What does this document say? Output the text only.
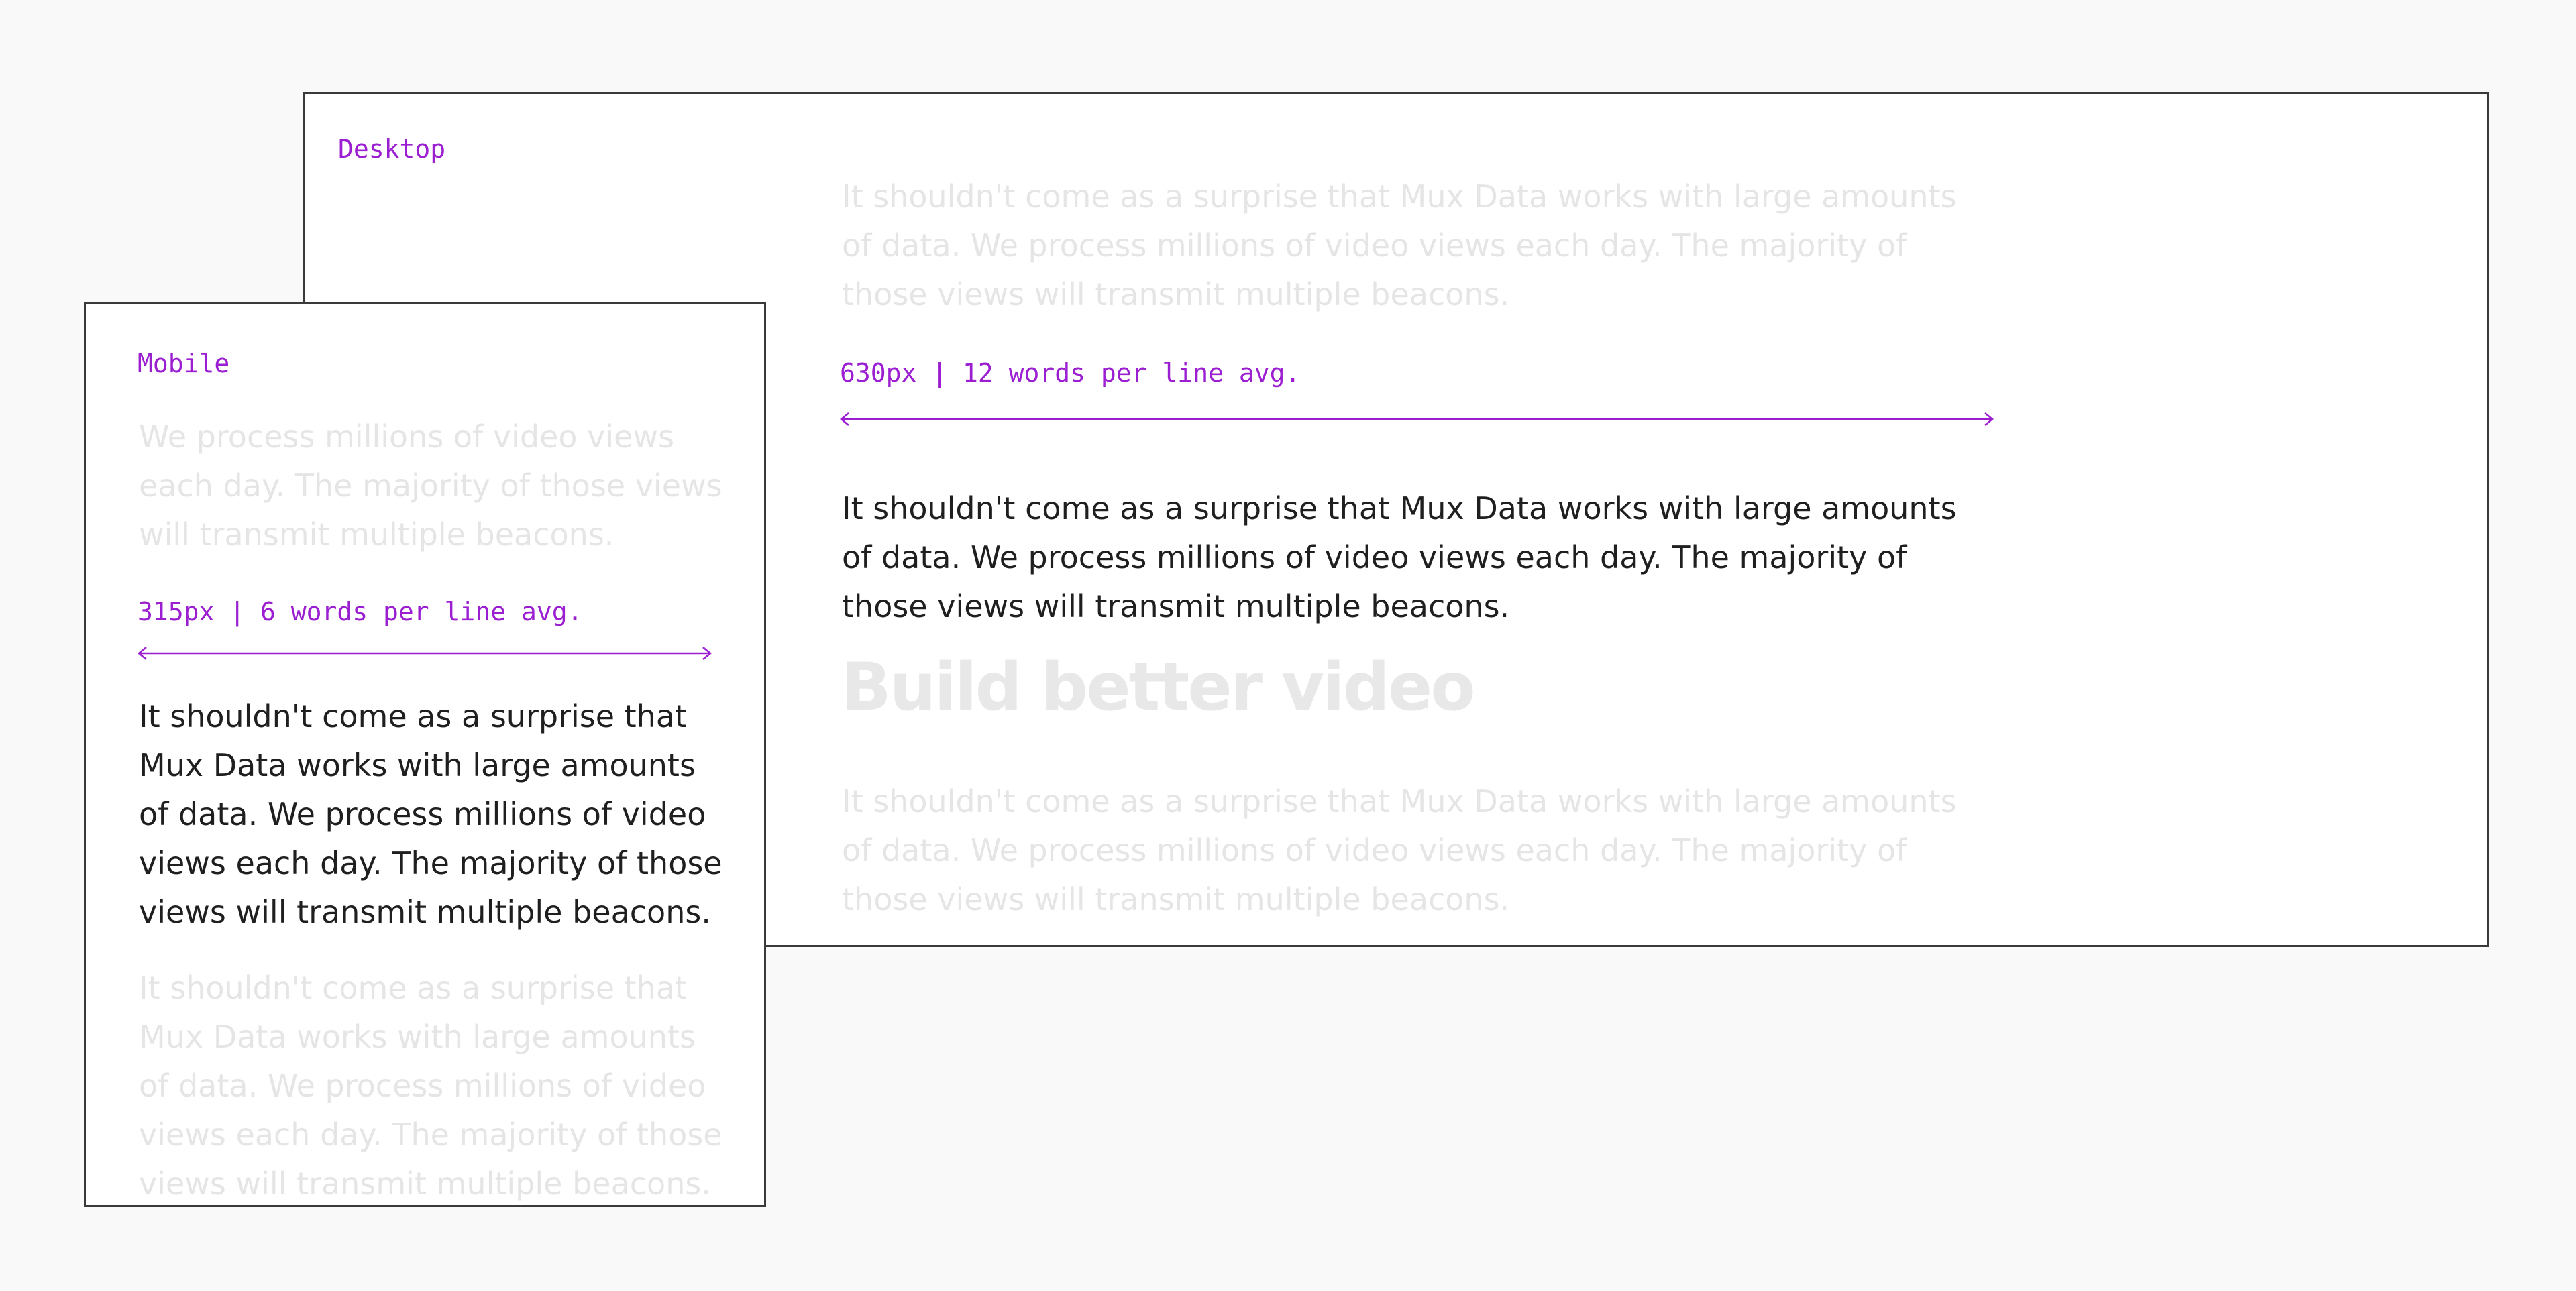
Desktop
It shouldn't come as a surprise that Mux Data works with large amounts
of data. We process millions of video views each day. The majority of
those views will transmit multiple beacons.
630px | 12 words per line avg.
It shouldn't come as a surprise that Mux Data works with large amounts
of data. We process millions of video views each day. The majority of
those views will transmit multiple beacons.
Build better video
It shouldn't come as a surprise that Mux Data works with large amounts
of data. We process millions of video views each day. The majority of
those views will transmit multiple beacons.
Mobile
We process millions of video views
each day. The majority of those views
will transmit multiple beacons.
315px | 6 words per line avg.
It shouldn't come as a surprise that
Mux Data works with large amounts
of data. We process millions of video
views each day. The majority of those
views will transmit multiple beacons.
It shouldn't come as a surprise that
Mux Data works with large amounts
of data. We process millions of video
views each day. The majority of those
views will transmit multiple beacons.
